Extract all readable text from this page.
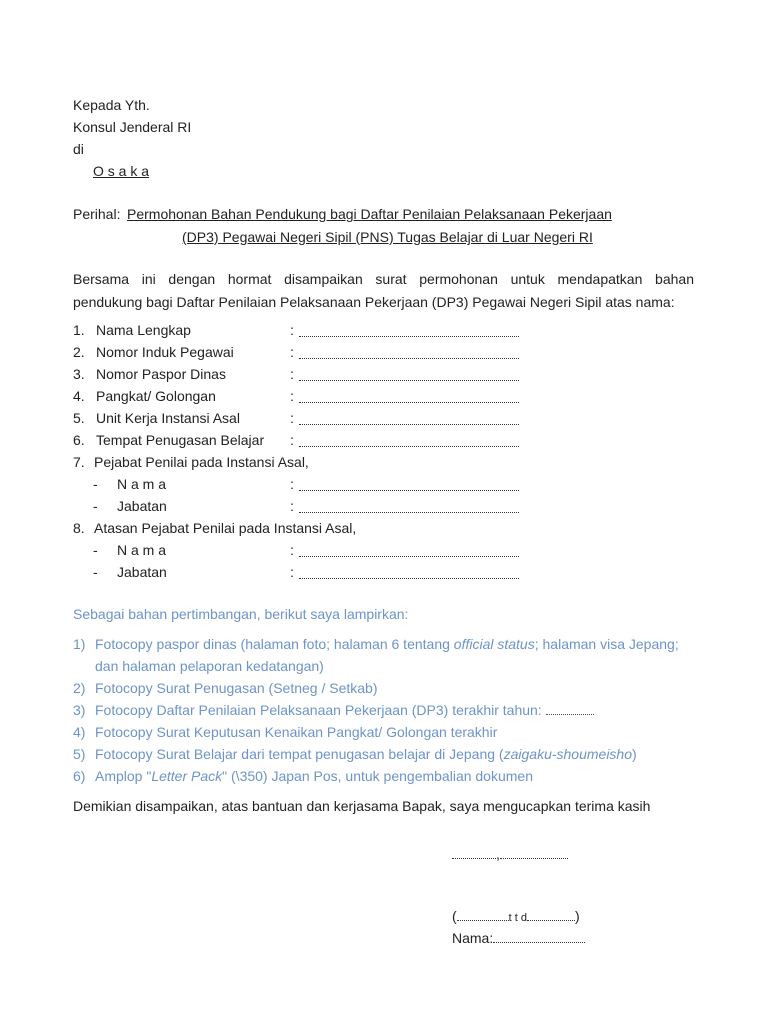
Kepada Yth.
Konsul Jenderal RI
di
O s a k a
Perihal: Permohonan Bahan Pendukung bagi Daftar Penilaian Pelaksanaan Pekerjaan
(DP3) Pegawai Negeri Sipil (PNS) Tugas Belajar di Luar Negeri RI
Bersama ini dengan hormat disampaikan surat permohonan untuk mendapatkan bahan
pendukung bagi Daftar Penilaian Pelaksanaan Pekerjaan (DP3) Pegawai Negeri Sipil atas nama:
1. Nama Lengkap	:
2. Nomor Induk Pegawai	:
3. Nomor Paspor Dinas	:
4. Pangkat/ Golongan	:
5. Unit Kerja Instansi Asal	:
6. Tempat Penugasan Belajar :
7. Pejabat Penilai pada Instansi Asal,
- N a m a	:
- Jabatan	:
8. Atasan Pejabat Penilai pada Instansi Asal,
- N a m a	:
- Jabatan	:
Sebagai bahan pertimbangan, berikut saya lampirkan:
1) Fotocopy paspor dinas (halaman foto; halaman 6 tentang official status; halaman visa Jepang;
dan halaman pelaporan kedatangan)
2) Fotocopy Surat Penugasan (Setneg / Setkab)
3) Fotocopy Daftar Penilaian Pelaksanaan Pekerjaan (DP3) terakhir tahun:
4) Fotocopy Surat Keputusan Kenaikan Pangkat/ Golongan terakhir
5) Fotocopy Surat Belajar dari tempat penugasan belajar di Jepang (zaigaku-shoumeisho)
6) Amplop "Letter Pack" (\350) Japan Pos, untuk pengembalian dokumen
Demikian disampaikan, atas bantuan dan kerjasama Bapak, saya mengucapkan terima kasih
,
(	t t d	)
Nama:
